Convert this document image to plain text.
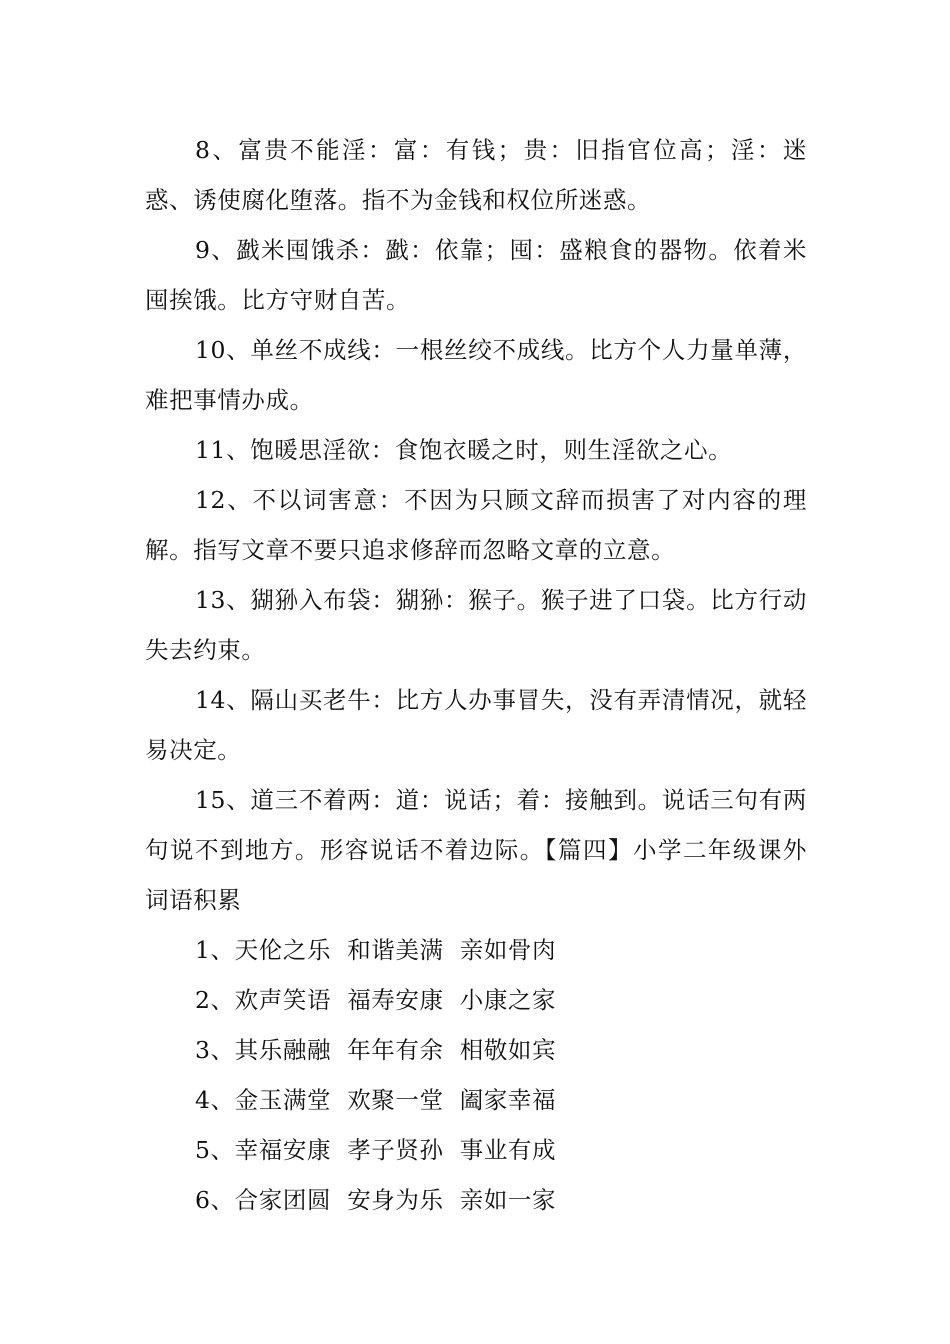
8、富贵不能淫：富：有钱；贵：旧指官位高；淫：迷惑、诱使腐化堕落。指不为金钱和权位所迷惑。

9、戤米囤饿杀：戤：依靠；囤：盛粮食的器物。依着米囤挨饿。比方守财自苦。

10、单丝不成线：一根丝绞不成线。比方个人力量单薄，难把事情办成。

11、饱暖思淫欲：食饱衣暖之时，则生淫欲之心。

12、不以词害意：不因为只顾文辞而损害了对内容的理解。指写文章不要只追求修辞而忽略文章的立意。

13、猢狲入布袋：猢狲：猴子。猴子进了口袋。比方行动失去约束。

14、隔山买老牛：比方人办事冒失，没有弄清情况，就轻易决定。

15、道三不着两：道：说话；着：接触到。说话三句有两句说不到地方。形容说话不着边际。【篇四】小学二年级课外词语积累

1、天伦之乐  和谐美满  亲如骨肉

2、欢声笑语  福寿安康  小康之家

3、其乐融融  年年有余  相敬如宾

4、金玉满堂  欢聚一堂  阖家幸福

5、幸福安康  孝子贤孙  事业有成

6、合家团圆  安身为乐  亲如一家
